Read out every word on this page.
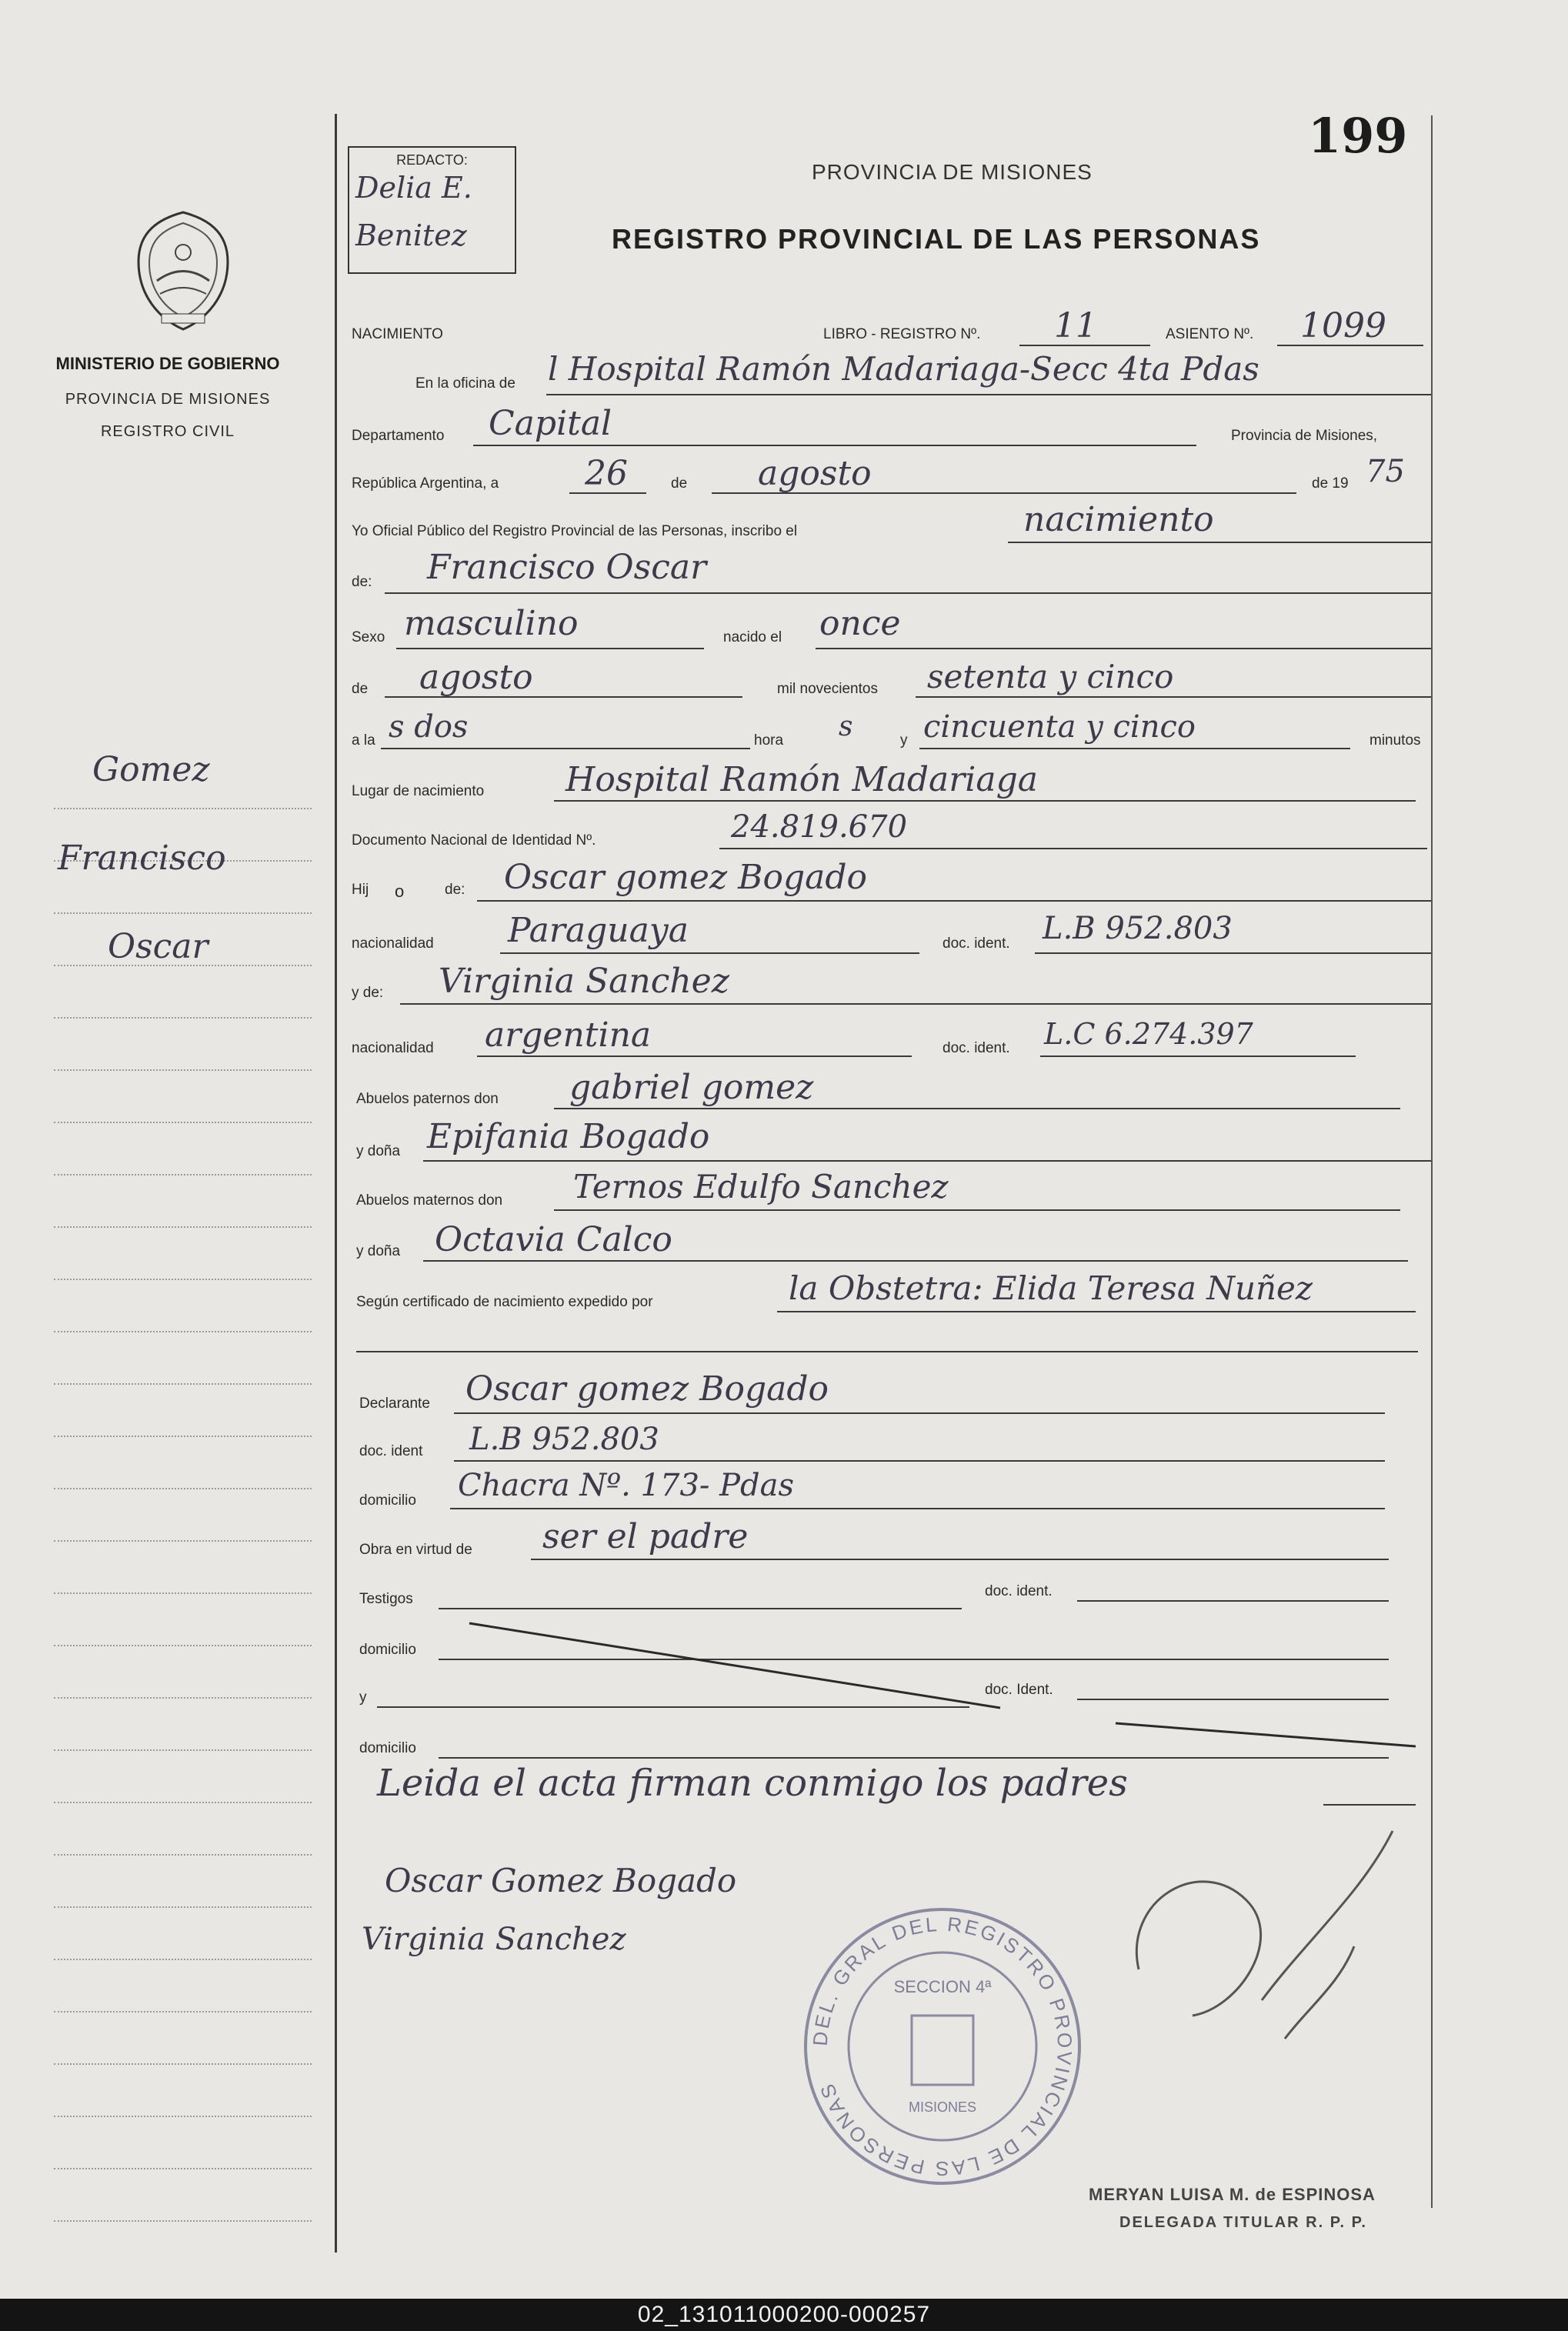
MINISTERIO DE GOBIERNO
PROVINCIA DE MISIONES
REGISTRO CIVIL
Gomez
Francisco
Oscar
199
REDACTO:
Delia E.
Benitez
PROVINCIA DE MISIONES
REGISTRO PROVINCIAL DE LAS PERSONAS
NACIMIENTO	LIBRO - REGISTRO Nº. 11	ASIENTO Nº. 1099
En la oficina de l Hospital Ramón Madariaga-Secc 4ta Pdas
Departamento Capital	Provincia de Misiones,
República Argentina, a	26	de agosto	de 19 75
Yo Oficial Público del Registro Provincial de las Personas, inscribo el	nacimiento
de: Francisco Oscar
Sexo masculino	nacido el once
de agosto	mil novecientos setenta y cinco
a la s dos	hora s	y cincuenta y cinco	minutos
Lugar de nacimiento Hospital Ramón Madariaga
Documento Nacional de Identidad Nº.	24.819.670
Hij o	de: Oscar gomez Bogado
nacionalidad Paraguaya	doc. ident. L.B 952.803
y de: Virginia Sanchez
nacionalidad argentina	doc. ident. L.C 6.274.397
Abuelos paternos don gabriel gomez
y doña Epifania Bogado
Abuelos maternos don Ternos Edulfo Sanchez
y doña Octavia Calco
Según certificado de nacimiento expedido por	la Obstetra: Elida Teresa Nuñez
Declarante Oscar gomez Bogado
doc. ident L.B 952.803
domicilio Chacra Nº. 173- Pdas
Obra en virtud de ser el padre
Testigos	doc. ident.
domicilio
y	doc. Ident.
domicilio
Leida el acta firman conmigo los padres
Oscar Gomez Bogado
Virginia Sanchez
DEL. GRAL DEL REGISTRO PROVINCIAL DE LAS PERSONAS
SECCION 4ª
MISIONES
MERYAN LUISA M. de ESPINOSA
DELEGADA TITULAR R. P. P.
02_131011000200-000257
